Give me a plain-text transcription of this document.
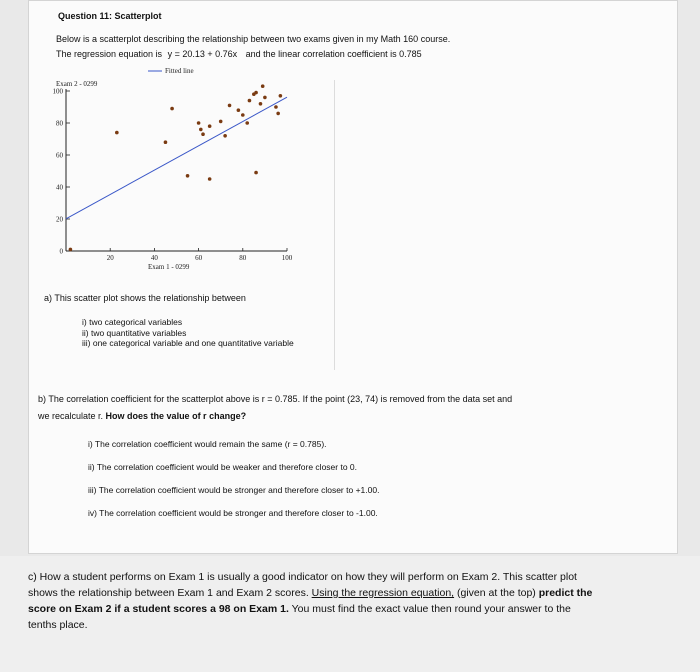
Question 11: Scatterplot
Below is a scatterplot describing the relationship between two exams given in my Math 160 course.
The regression equation is y = 20.13 + 0.76x and the linear correlation coefficient is 0.785
Fitted line
Exam 2 - 0299
Exam 1 - 0299
0
20
40
60
80
100
20	40	60	80	100
a) This scatter plot shows the relationship between
i) two categorical variables
ii) two quantitative variables
iii) one categorical variable and one quantitative variable
b) The correlation coefficient for the scatterplot above is r = 0.785. If the point (23, 74) is removed from the data set and
we recalculate r. How does the value of r change?
i) The correlation coefficient would remain the same (r = 0.785).
ii) The correlation coefficient would be weaker and therefore closer to 0.
iii) The correlation coefficient would be stronger and therefore closer to +1.00.
iv) The correlation coefficient would be stronger and therefore closer to -1.00.
c) How a student performs on Exam 1 is usually a good indicator on how they will perform on Exam 2. This scatter plot
shows the relationship between Exam 1 and Exam 2 scores. Using the regression equation, (given at the top) predict the
score on Exam 2 if a student scores a 98 on Exam 1. You must find the exact value then round your answer to the
tenths place.
